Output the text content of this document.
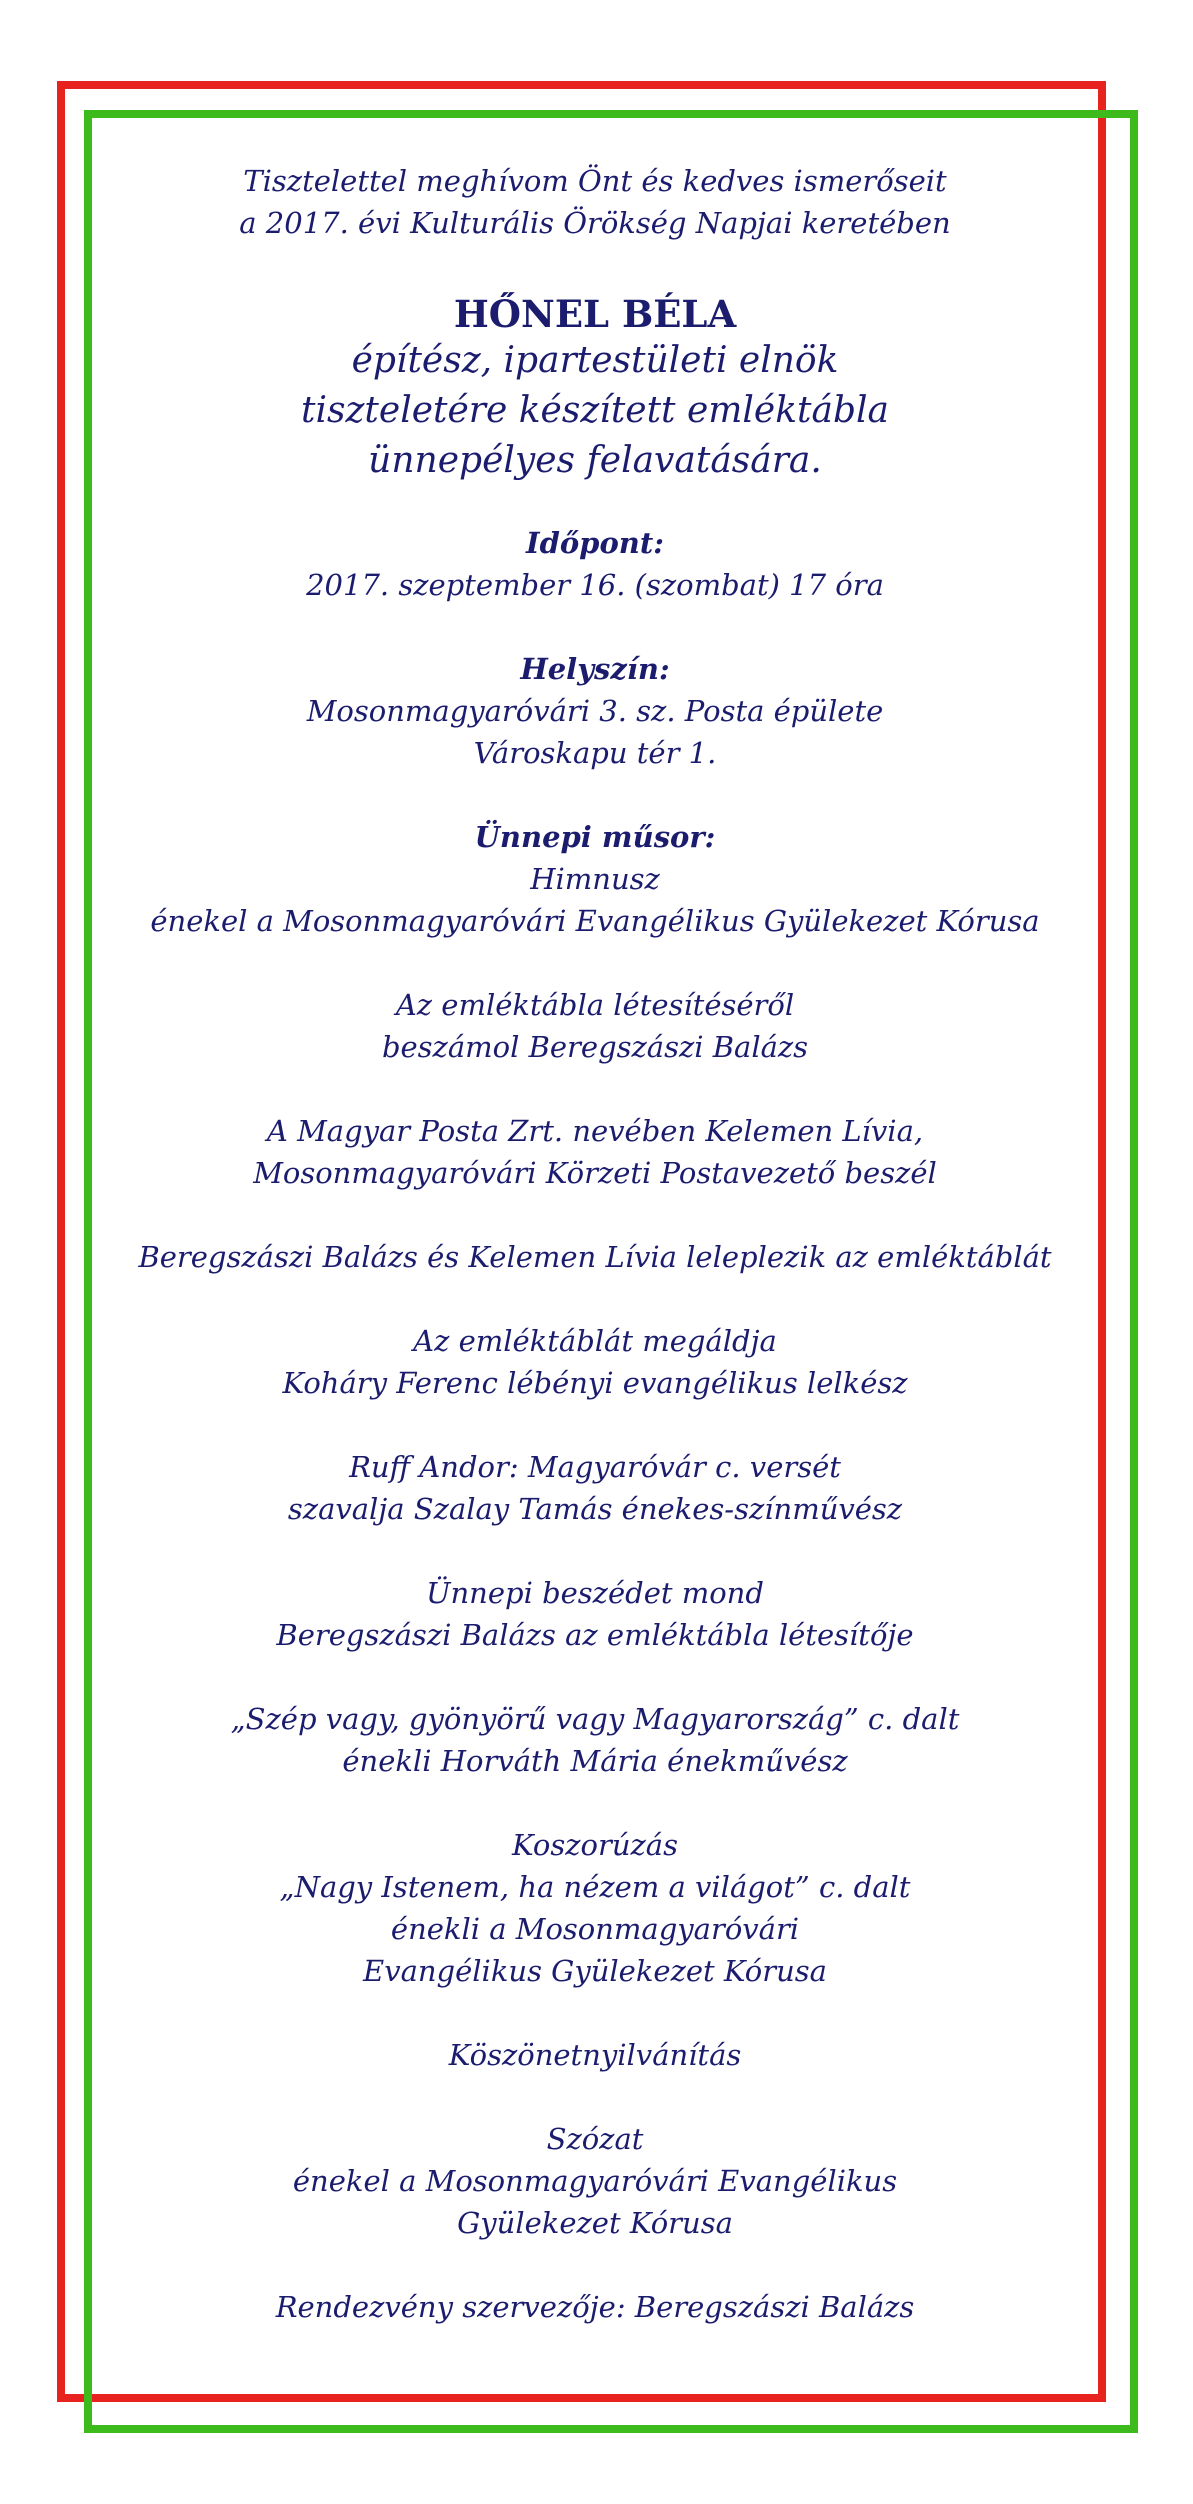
Tisztelettel meghívom Önt és kedves ismerőseit
a 2017. évi Kulturális Örökség Napjai keretében
HŐNEL BÉLA
építész, ipartestületi elnök
tiszteletére készített emléktábla
ünnepélyes felavatására.
Időpont:
2017. szeptember 16. (szombat) 17 óra
Helyszín:
Mosonmagyaróvári 3. sz. Posta épülete
Városkapu tér 1.
Ünnepi műsor:
Himnusz
énekel a Mosonmagyaróvári Evangélikus Gyülekezet Kórusa
Az emléktábla létesítéséről
beszámol Beregszászi Balázs
A Magyar Posta Zrt. nevében Kelemen Lívia,
Mosonmagyaróvári Körzeti Postavezető beszél
Beregszászi Balázs és Kelemen Lívia leleplezik az emléktáblát
Az emléktáblát megáldja
Koháry Ferenc lébényi evangélikus lelkész
Ruff Andor: Magyaróvár c. versét
szavalja Szalay Tamás énekes-színművész
Ünnepi beszédet mond
Beregszászi Balázs az emléktábla létesítője
„Szép vagy, gyönyörű vagy Magyarország” c. dalt
énekli Horváth Mária énekművész
Koszorúzás
„Nagy Istenem, ha nézem a világot” c. dalt
énekli a Mosonmagyaróvári
Evangélikus Gyülekezet Kórusa
Köszönetnyilvánítás
Szózat
énekel a Mosonmagyaróvári Evangélikus
Gyülekezet Kórusa
Rendezvény szervezője: Beregszászi Balázs
